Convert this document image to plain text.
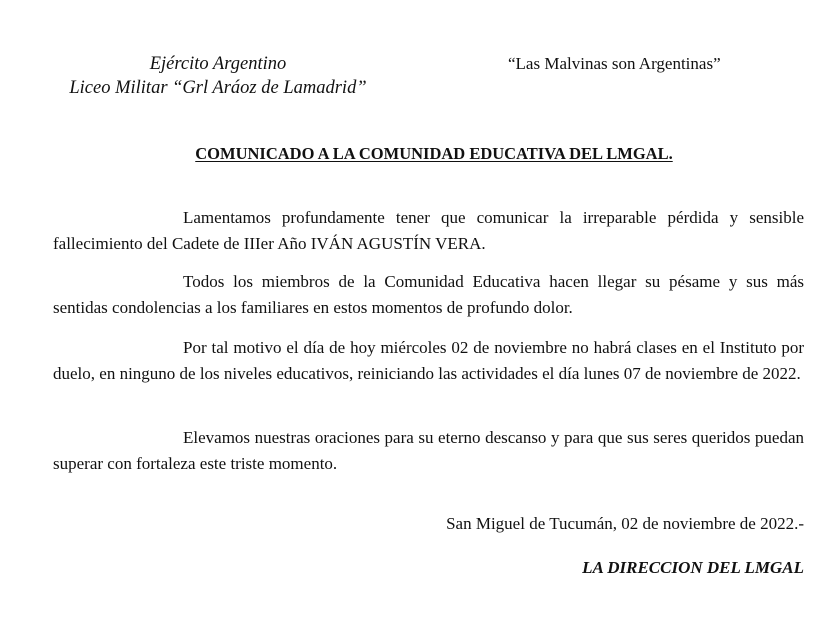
Ejército Argentino
Liceo Militar “Grl Aráoz de Lamadrid”
“Las Malvinas son Argentinas”
COMUNICADO A LA COMUNIDAD EDUCATIVA DEL LMGAL.

Lamentamos profundamente tener que comunicar la irreparable pérdida y sensible fallecimiento del Cadete de IIIer Año IVÁN AGUSTÍN VERA.

Todos los miembros de la Comunidad Educativa hacen llegar su pésame y sus más sentidas condolencias a los familiares en estos momentos de profundo dolor.

Por tal motivo el día de hoy miércoles 02 de noviembre no habrá clases en el Instituto por duelo, en ninguno de los niveles educativos, reiniciando las actividades el día lunes 07 de noviembre de 2022.

Elevamos nuestras oraciones para su eterno descanso y para que sus seres queridos puedan superar con fortaleza este triste momento.

San Miguel de Tucumán, 02 de noviembre de 2022.-
LA DIRECCION DEL LMGAL
